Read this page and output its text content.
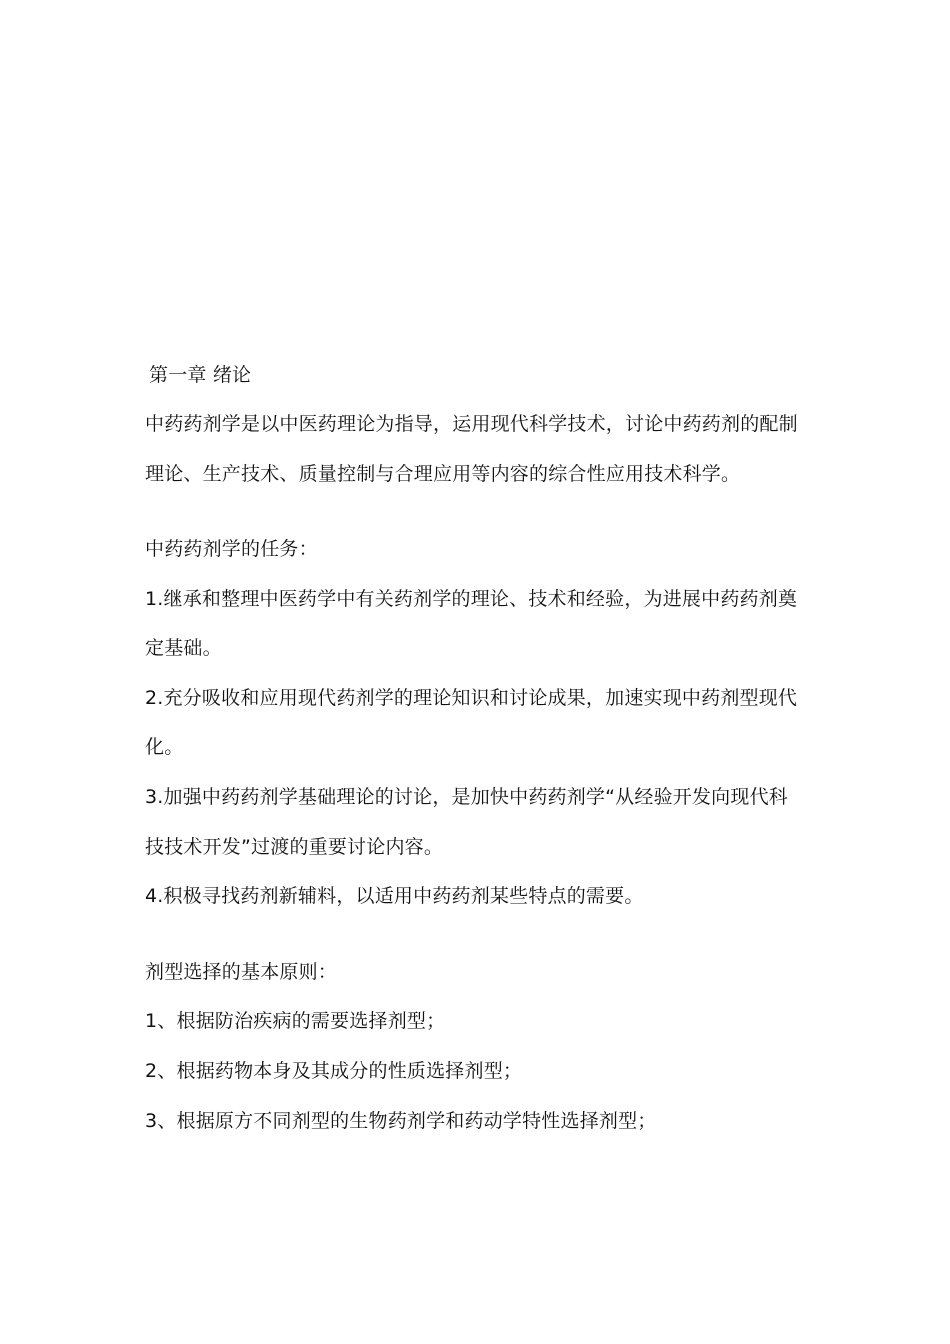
第一章 绪论
中药药剂学是以中医药理论为指导，运用现代科学技术，讨论中药药剂的配制
理论、生产技术、质量控制与合理应用等内容的综合性应用技术科学。
中药药剂学的任务：
1.继承和整理中医药学中有关药剂学的理论、技术和经验，为进展中药药剂奠
定基础。
2.充分吸收和应用现代药剂学的理论知识和讨论成果，加速实现中药剂型现代
化。
3.加强中药药剂学基础理论的讨论，是加快中药药剂学“从经验开发向现代科
技技术开发”过渡的重要讨论内容。
4.积极寻找药剂新辅料，以适用中药药剂某些特点的需要。
剂型选择的基本原则：
1、根据防治疾病的需要选择剂型；
2、根据药物本身及其成分的性质选择剂型；
3、根据原方不同剂型的生物药剂学和药动学特性选择剂型；
